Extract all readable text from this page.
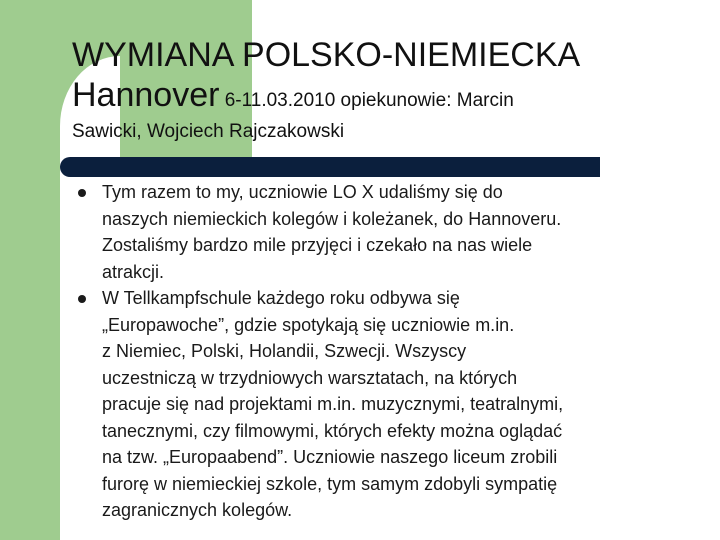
WYMIANA POLSKO-NIEMIECKA
Hannover 6-11.03.2010 opiekunowie: Marcin
Sawicki, Wojciech Rajczakowski
Tym razem to my, uczniowie LO X udaliśmy się do
naszych niemieckich kolegów i koleżanek, do Hannoveru.
Zostaliśmy bardzo mile przyjęci i czekało na nas wiele
atrakcji.
W Tellkampfschule każdego roku odbywa się
„Europawoche”, gdzie spotykają się uczniowie m.in.
z Niemiec, Polski, Holandii, Szwecji. Wszyscy
uczestniczą w trzydniowych warsztatach, na których
pracuje się nad projektami m.in. muzycznymi, teatralnymi,
tanecznymi, czy filmowymi, których efekty można oglądać
na tzw. „Europaabend”. Uczniowie naszego liceum zrobili
furorę w niemieckiej szkole, tym samym zdobyli sympatię
zagranicznych kolegów.
